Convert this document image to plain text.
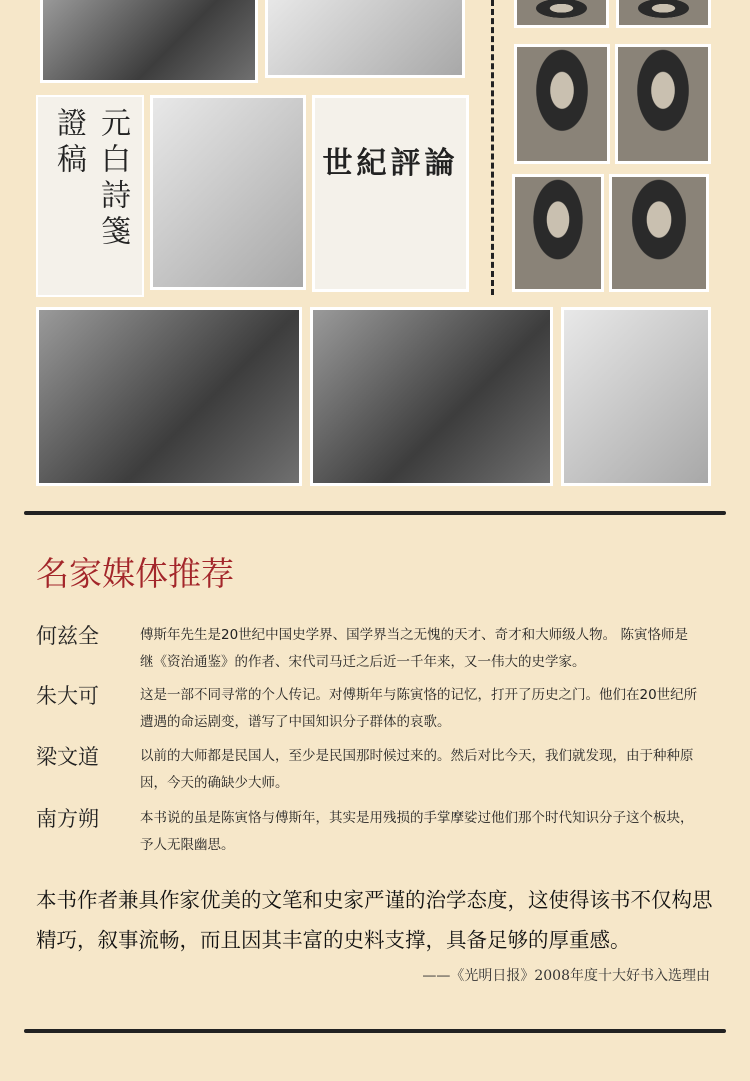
元白詩箋
證稿	世紀評論
名家媒体推荐
何兹全	傅斯年先生是20世纪中国史学界、国学界当之无愧的天才、奇才和大师级人物。 陈寅恪师是继《资治通鉴》的作者、宋代司马迁之后近一千年来，又一伟大的史学家。
朱大可	这是一部不同寻常的个人传记。对傅斯年与陈寅恪的记忆，打开了历史之门。他们在20世纪所遭遇的命运剧变，谱写了中国知识分子群体的哀歌。
梁文道	以前的大师都是民国人，至少是民国那时候过来的。然后对比今天，我们就发现，由于种种原因，今天的确缺少大师。
南方朔	本书说的虽是陈寅恪与傅斯年，其实是用残损的手掌摩娑过他们那个时代知识分子这个板块，予人无限幽思。
本书作者兼具作家优美的文笔和史家严谨的治学态度，这使得该书不仅构思精巧，叙事流畅，而且因其丰富的史料支撑，具备足够的厚重感。
——《光明日报》2008年度十大好书入选理由
